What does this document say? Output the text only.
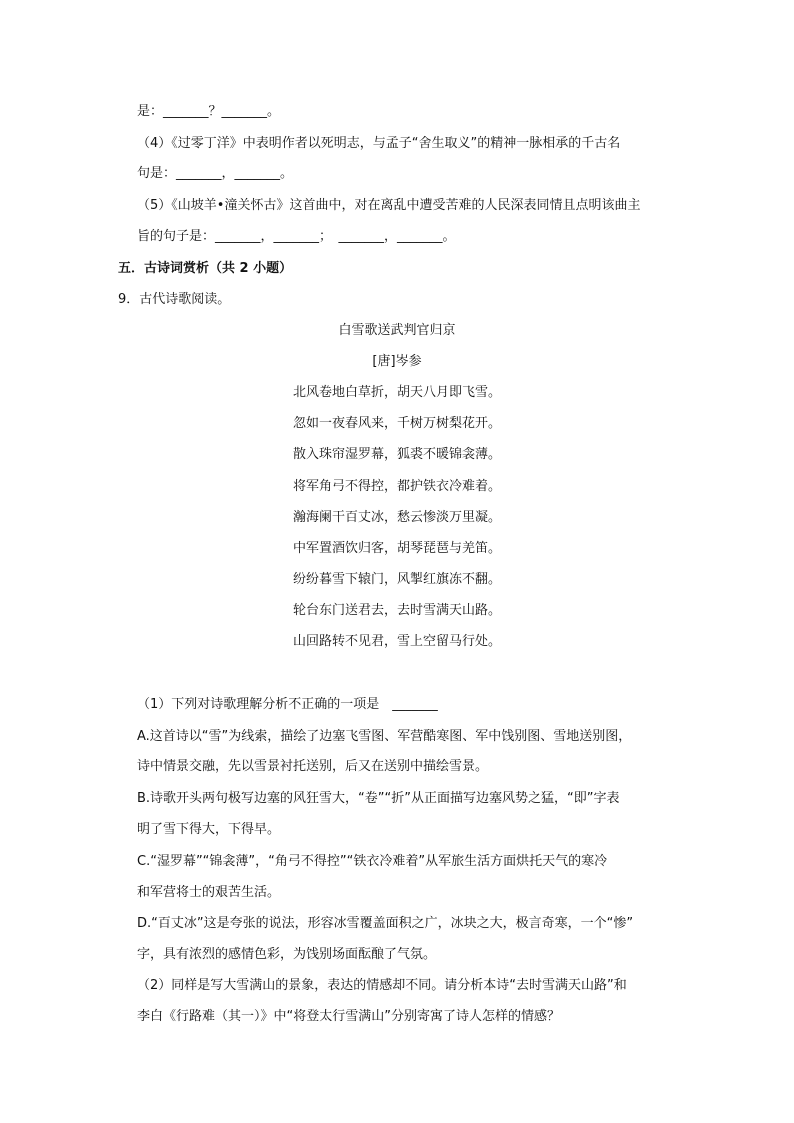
是：_______？_______。
（4）《过零丁洋》中表明作者以死明志，与孟子“舍生取义”的精神一脉相承的千古名
句是：_______，_______。
（5）《山坡羊•潼关怀古》这首曲中，对在离乱中遭受苦难的人民深表同情且点明该曲主
旨的句子是：_______，_______；　_______，_______。
五．古诗词赏析（共 2 小题）
9．古代诗歌阅读。
白雪歌送武判官归京
[唐]岑参
北风卷地白草折，胡天八月即飞雪。
忽如一夜春风来，千树万树梨花开。
散入珠帘湿罗幕，狐裘不暖锦衾薄。
将军角弓不得控，都护铁衣冷难着。
瀚海阑干百丈冰，愁云惨淡万里凝。
中军置酒饮归客，胡琴琵琶与羌笛。
纷纷暮雪下辕门，风掣红旗冻不翻。
轮台东门送君去，去时雪满天山路。
山回路转不见君，雪上空留马行处。
（1）下列对诗歌理解分析不正确的一项是　_______
A.这首诗以“雪”为线索，描绘了边塞飞雪图、军营酷寒图、军中饯别图、雪地送别图，
诗中情景交融，先以雪景衬托送别，后又在送别中描绘雪景。
B.诗歌开头两句极写边塞的风狂雪大，“卷”“折”从正面描写边塞风势之猛，“即”字表
明了雪下得大，下得早。
C.“湿罗幕”“锦衾薄”，“角弓不得控”“铁衣冷难着”从军旅生活方面烘托天气的寒冷
和军营将士的艰苦生活。
D.“百丈冰”这是夸张的说法，形容冰雪覆盖面积之广，冰块之大，极言奇寒，一个“惨”
字，具有浓烈的感情色彩，为饯别场面酝酿了气氛。
（2）同样是写大雪满山的景象，表达的情感却不同。请分析本诗“去时雪满天山路”和
李白《行路难（其一）》中“将登太行雪满山”分别寄寓了诗人怎样的情感？
